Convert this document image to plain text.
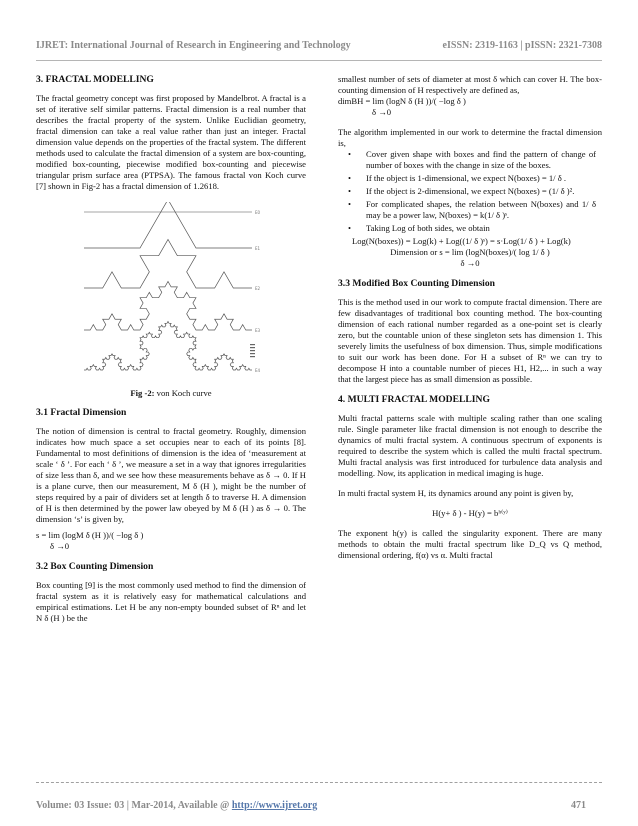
IJRET: International Journal of Research in Engineering and Technology	eISSN: 2319-1163 | pISSN: 2321-7308
3. FRACTAL MODELLING

The fractal geometry concept was first proposed by Mandelbrot. A fractal is a set of iterative self similar patterns. Fractal dimension is a real number that describes the fractal property of the system. Unlike Euclidian geometry, fractal dimension can take a real value rather than just an integer. Fractal dimension value depends on the properties of the fractal system. The different methods used to calculate the fractal dimension of a system are box-counting, modified box-counting, piecewise modified box-counting and piecewise triangular prism surface area (PTPSA). The famous fractal von Koch curve [7] shown in Fig-2 has a fractal dimension of 1.2618.

E0
E1
E2
E3
E4
Fig -2: von Koch curve
3.1 Fractal Dimension

The notion of dimension is central to fractal geometry. Roughly, dimension indicates how much space a set occupies near to each of its points [8]. Fundamental to most definitions of dimension is the idea of ‘measurement at scale ‘ δ ’. For each ‘ δ ’, we measure a set in a way that ignores irregularities of size less than δ, and we see how these measurements behave as δ → 0. If H is a plane curve, then our measurement, M δ (H ), might be the number of steps required by a pair of dividers set at length δ to traverse H. A dimension of H is then determined by the power law obeyed by M δ (H ) as δ → 0. The dimension ‘s’ is given by,

s = lim (logM δ (H ))/( −log δ )

δ →0

3.2 Box Counting Dimension

Box counting [9] is the most commonly used method to find the dimension of fractal system as it is relatively easy for mathematical calculations and empirical estimations. Let H be any non-empty bounded subset of Rⁿ and let N δ (H ) be the

smallest number of sets of diameter at most δ which can cover H. The box-counting dimension of H respectively are defined as,

dimBH = lim (logN δ (H ))/( −log δ )

δ →0

The algorithm implemented in our work to determine the fractal dimension is,

• Cover given shape with boxes and find the pattern of change of number of boxes with the change in size of the boxes.
• If the object is 1-dimensional, we expect N(boxes) = 1/ δ .
• If the object is 2-dimensional, we expect N(boxes) = (1/ δ )².
• For complicated shapes, the relation between N(boxes) and 1/ δ may be a power law, N(boxes) = k(1/ δ )ˢ.
• Taking Log of both sides, we obtain

Log(N(boxes)) = Log(k) + Log((1/ δ )ˢ) = s·Log(1/ δ ) + Log(k)

Dimension or s = lim (logN(boxes)/( log 1/ δ )

δ →0

3.3 Modified Box Counting Dimension

This is the method used in our work to compute fractal dimension. There are few disadvantages of traditional box counting method. The box-counting dimension of each rational number regarded as a one-point set is clearly zero, but the countable union of these singleton sets has dimension 1. This severely limits the usefulness of box dimension. Thus, simple modifications to suit our work has been done. For H a subset of Rⁿ we can try to decompose H into a countable number of pieces H1, H2,... in such a way that the largest piece has as small dimension as possible.

4. MULTI FRACTAL MODELLING

Multi fractal patterns scale with multiple scaling rather than one scaling rule. Single parameter like fractal dimension is not enough to describe the dynamics of multi fractal system. A continuous spectrum of exponents is required to describe the system which is called the multi fractal spectrum. Multi fractal analysis was first introduced for turbulence data analysis and modelling. Now, its application in medical imaging is huge.

In multi fractal system H, its dynamics around any point is given by,

H(y+ δ ) - H(y) = bʰ⁽ʸ⁾

The exponent h(y) is called the singularity exponent. There are many methods to obtain the multi fractal spectrum like D_Q vs Q method, dimensional ordering, f(α) vs α. Multi fractal

Volume: 03 Issue: 03 | Mar-2014, Available @ http://www.ijret.org	471
